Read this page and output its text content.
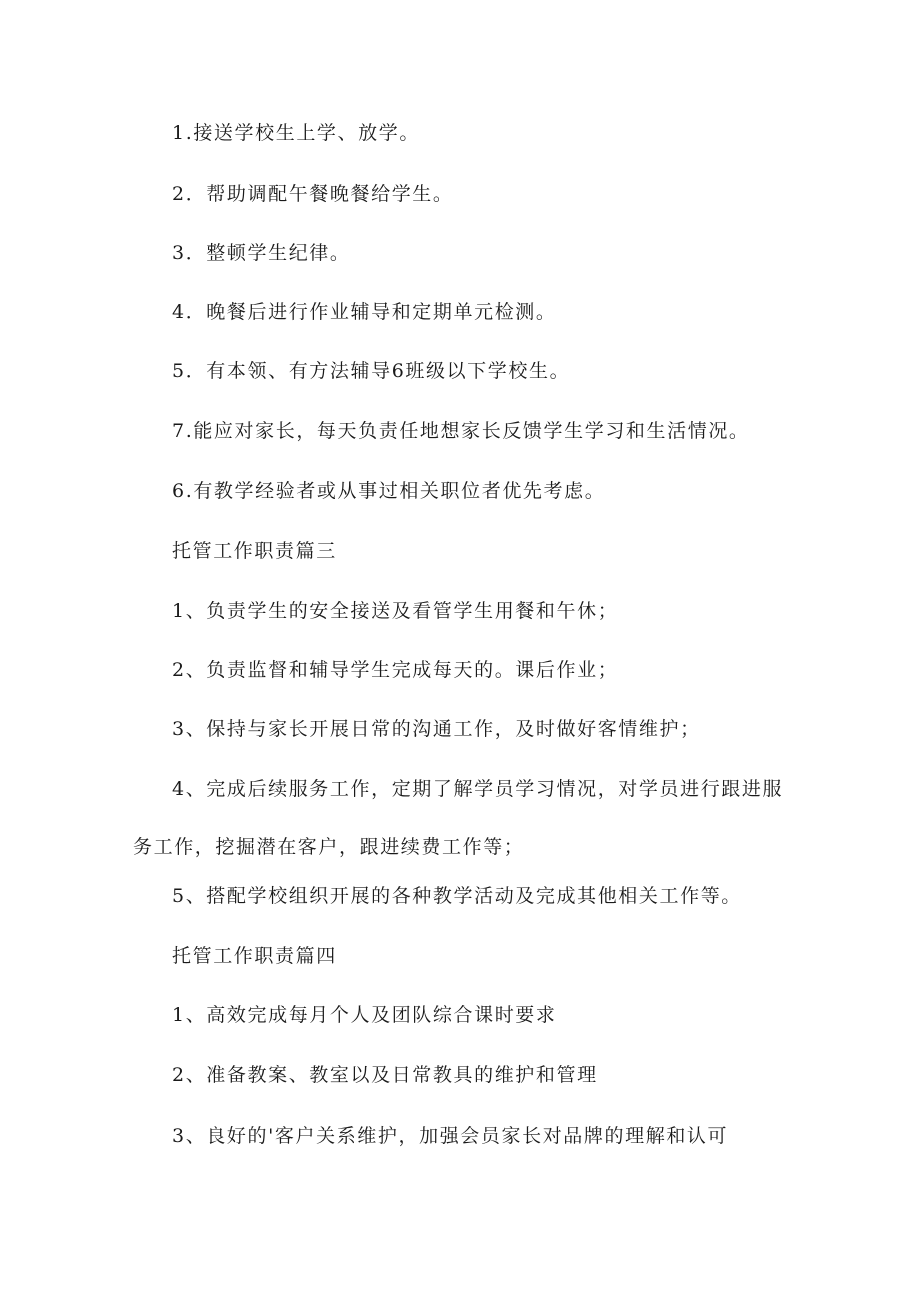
1.接送学校生上学、放学。

2．帮助调配午餐晚餐给学生。

3．整顿学生纪律。

4．晚餐后进行作业辅导和定期单元检测。

5．有本领、有方法辅导6班级以下学校生。

7.能应对家长，每天负责任地想家长反馈学生学习和生活情况。

6.有教学经验者或从事过相关职位者优先考虑。

托管工作职责篇三

1、负责学生的安全接送及看管学生用餐和午休；

2、负责监督和辅导学生完成每天的。课后作业；

3、保持与家长开展日常的沟通工作，及时做好客情维护；

4、完成后续服务工作，定期了解学员学习情况，对学员进行跟进服务工作，挖掘潜在客户，跟进续费工作等；

5、搭配学校组织开展的各种教学活动及完成其他相关工作等。

托管工作职责篇四

1、高效完成每月个人及团队综合课时要求

2、准备教案、教室以及日常教具的维护和管理

3、良好的'客户关系维护，加强会员家长对品牌的理解和认可
